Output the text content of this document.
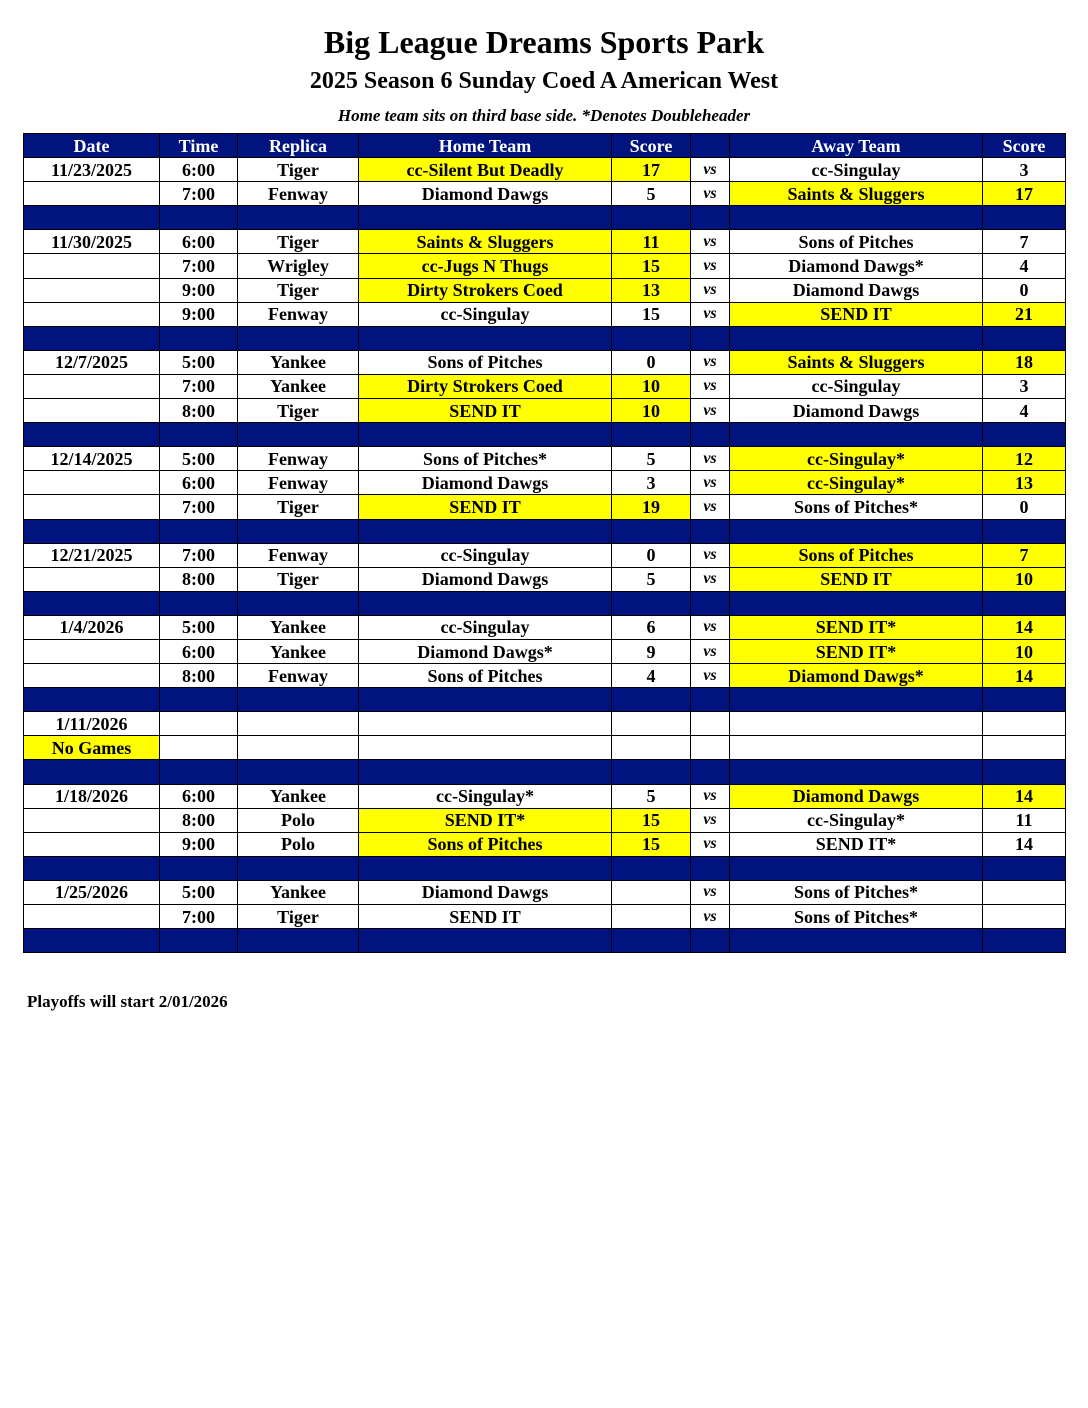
Big League Dreams Sports Park
2025 Season 6 Sunday Coed A American West
Home team sits on third base side. *Denotes Doubleheader
Date	Time	Replica	Home Team	Score		Away Team	Score
11/23/2025	6:00	Tiger	cc-Silent But Deadly	17	vs	cc-Singulay	3
	7:00	Fenway	Diamond Dawgs	5	vs	Saints & Sluggers	17

11/30/2025	6:00	Tiger	Saints & Sluggers	11	vs	Sons of Pitches	7
	7:00	Wrigley	cc-Jugs N Thugs	15	vs	Diamond Dawgs*	4
	9:00	Tiger	Dirty Strokers Coed	13	vs	Diamond Dawgs	0
	9:00	Fenway	cc-Singulay	15	vs	SEND IT	21

12/7/2025	5:00	Yankee	Sons of Pitches	0	vs	Saints & Sluggers	18
	7:00	Yankee	Dirty Strokers Coed	10	vs	cc-Singulay	3
	8:00	Tiger	SEND IT	10	vs	Diamond Dawgs	4

12/14/2025	5:00	Fenway	Sons of Pitches*	5	vs	cc-Singulay*	12
	6:00	Fenway	Diamond Dawgs	3	vs	cc-Singulay*	13
	7:00	Tiger	SEND IT	19	vs	Sons of Pitches*	0

12/21/2025	7:00	Fenway	cc-Singulay	0	vs	Sons of Pitches	7
	8:00	Tiger	Diamond Dawgs	5	vs	SEND IT	10

1/4/2026	5:00	Yankee	cc-Singulay	6	vs	SEND IT*	14
	6:00	Yankee	Diamond Dawgs*	9	vs	SEND IT*	10
	8:00	Fenway	Sons of Pitches	4	vs	Diamond Dawgs*	14

1/11/2026							
No Games							

1/18/2026	6:00	Yankee	cc-Singulay*	5	vs	Diamond Dawgs	14
	8:00	Polo	SEND IT*	15	vs	cc-Singulay*	11
	9:00	Polo	Sons of Pitches	15	vs	SEND IT*	14

1/25/2026	5:00	Yankee	Diamond Dawgs		vs	Sons of Pitches*	
	7:00	Tiger	SEND IT		vs	Sons of Pitches*	

Playoffs will start 2/01/2026
